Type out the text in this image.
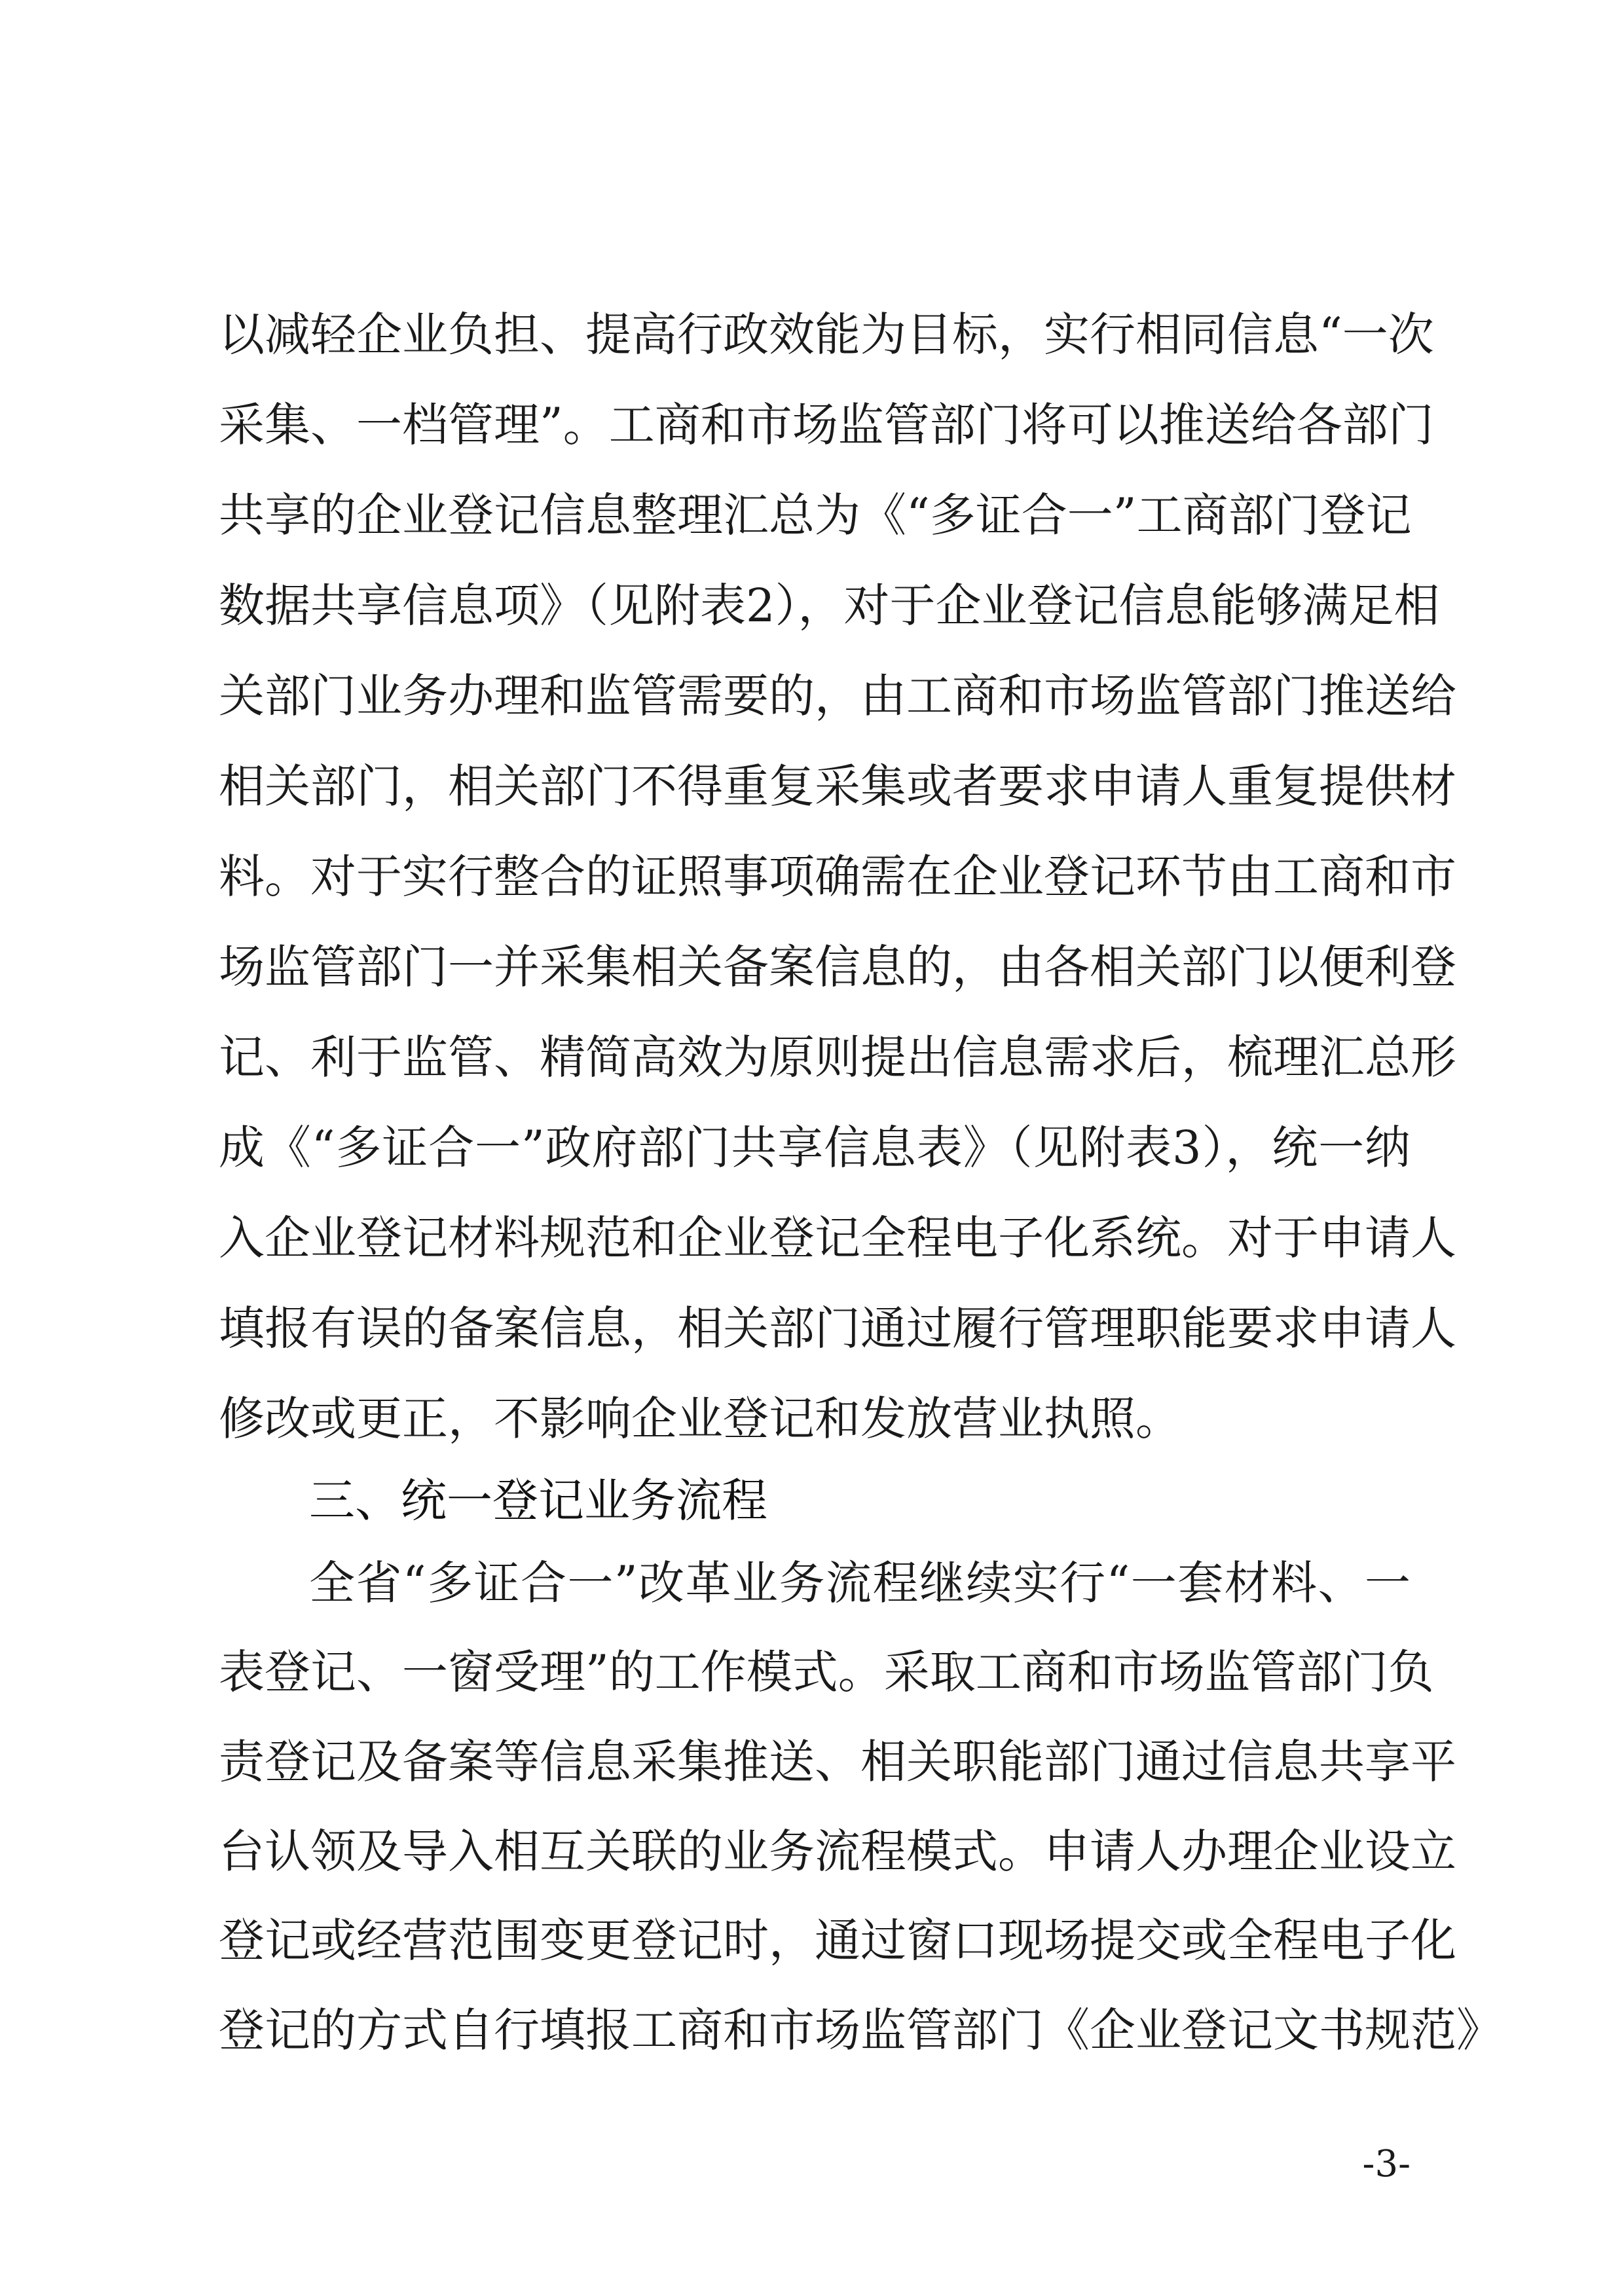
以减轻企业负担、提高行政效能为目标，实行相同信息“一次
采集、一档管理”。工商和市场监管部门将可以推送给各部门
共享的企业登记信息整理汇总为《“多证合一”工商部门登记
数据共享信息项》（见附表2），对于企业登记信息能够满足相
关部门业务办理和监管需要的，由工商和市场监管部门推送给
相关部门，相关部门不得重复采集或者要求申请人重复提供材
料。对于实行整合的证照事项确需在企业登记环节由工商和市
场监管部门一并采集相关备案信息的，由各相关部门以便利登
记、利于监管、精简高效为原则提出信息需求后，梳理汇总形
成《“多证合一”政府部门共享信息表》（见附表3），统一纳
入企业登记材料规范和企业登记全程电子化系统。对于申请人
填报有误的备案信息，相关部门通过履行管理职能要求申请人
修改或更正，不影响企业登记和发放营业执照。
三、统一登记业务流程
全省“多证合一”改革业务流程继续实行“一套材料、一
表登记、一窗受理”的工作模式。采取工商和市场监管部门负
责登记及备案等信息采集推送、相关职能部门通过信息共享平
台认领及导入相互关联的业务流程模式。申请人办理企业设立
登记或经营范围变更登记时，通过窗口现场提交或全程电子化
登记的方式自行填报工商和市场监管部门《企业登记文书规范》
-3-
